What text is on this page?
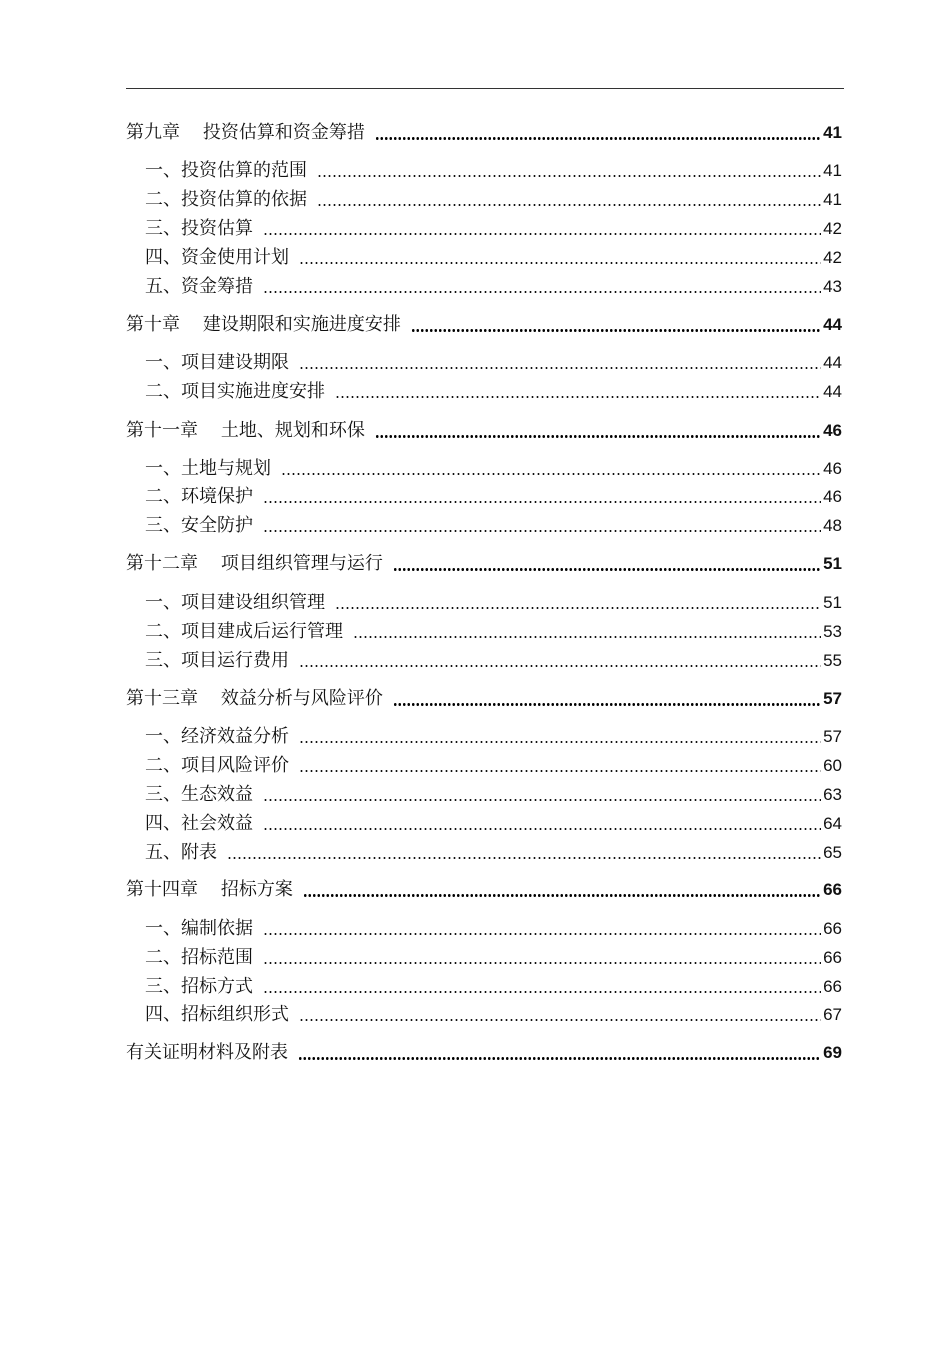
第九章    投资估算和资金筹措	41
一、投资估算的范围	41
二、投资估算的依据	41
三、投资估算	42
四、资金使用计划	42
五、资金筹措	43
第十章    建设期限和实施进度安排	44
一、项目建设期限	44
二、项目实施进度安排	44
第十一章    土地、规划和环保	46
一、土地与规划	46
二、环境保护	46
三、安全防护	48
第十二章    项目组织管理与运行	51
一、项目建设组织管理	51
二、项目建成后运行管理	53
三、项目运行费用	55
第十三章    效益分析与风险评价	57
一、经济效益分析	57
二、项目风险评价	60
三、生态效益	63
四、社会效益	64
五、附表	65
第十四章    招标方案	66
一、编制依据	66
二、招标范围	66
三、招标方式	66
四、招标组织形式	67
有关证明材料及附表	69
